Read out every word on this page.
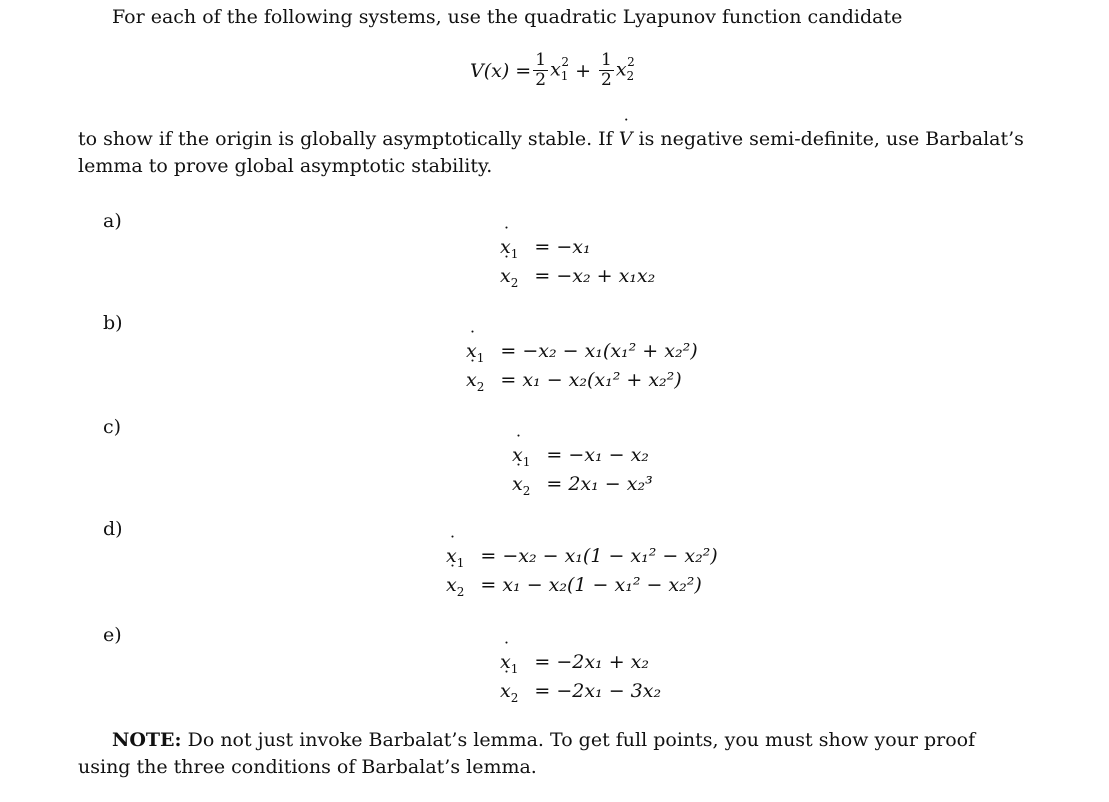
For each of the following systems, use the quadratic Lyapunov function candidate
$V(x) = \frac{1}{2} x_1^2 + \frac{1}{2} x_2^2$
to show if the origin is globally asymptotically stable. If V ˙ is negative semi-definite, use Barbalat’s
lemma to prove global asymptotic stability.
a)
$x_1$ ˙ = −x₁
$x_2$ ˙ = −x₂ + x₁x₂
b)
$x_1$ ˙ = −x₂ − x₁(x₁² + x₂²)
$x_2$ ˙ = x₁ − x₂(x₁² + x₂²)
c)
$x_1$ ˙ = −x₁ − x₂
$x_2$ ˙ = 2x₁ − x₂³
d)
$x_1$ ˙ = −x₂ − x₁(1 − x₁² − x₂²)
$x_2$ ˙ = x₁ − x₂(1 − x₁² − x₂²)
e)
$x_1$ ˙ = −2x₁ + x₂
$x_2$ ˙ = −2x₁ − 3x₂
NOTE: Do not just invoke Barbalat’s lemma. To get full points, you must show your proof
using the three conditions of Barbalat’s lemma.
